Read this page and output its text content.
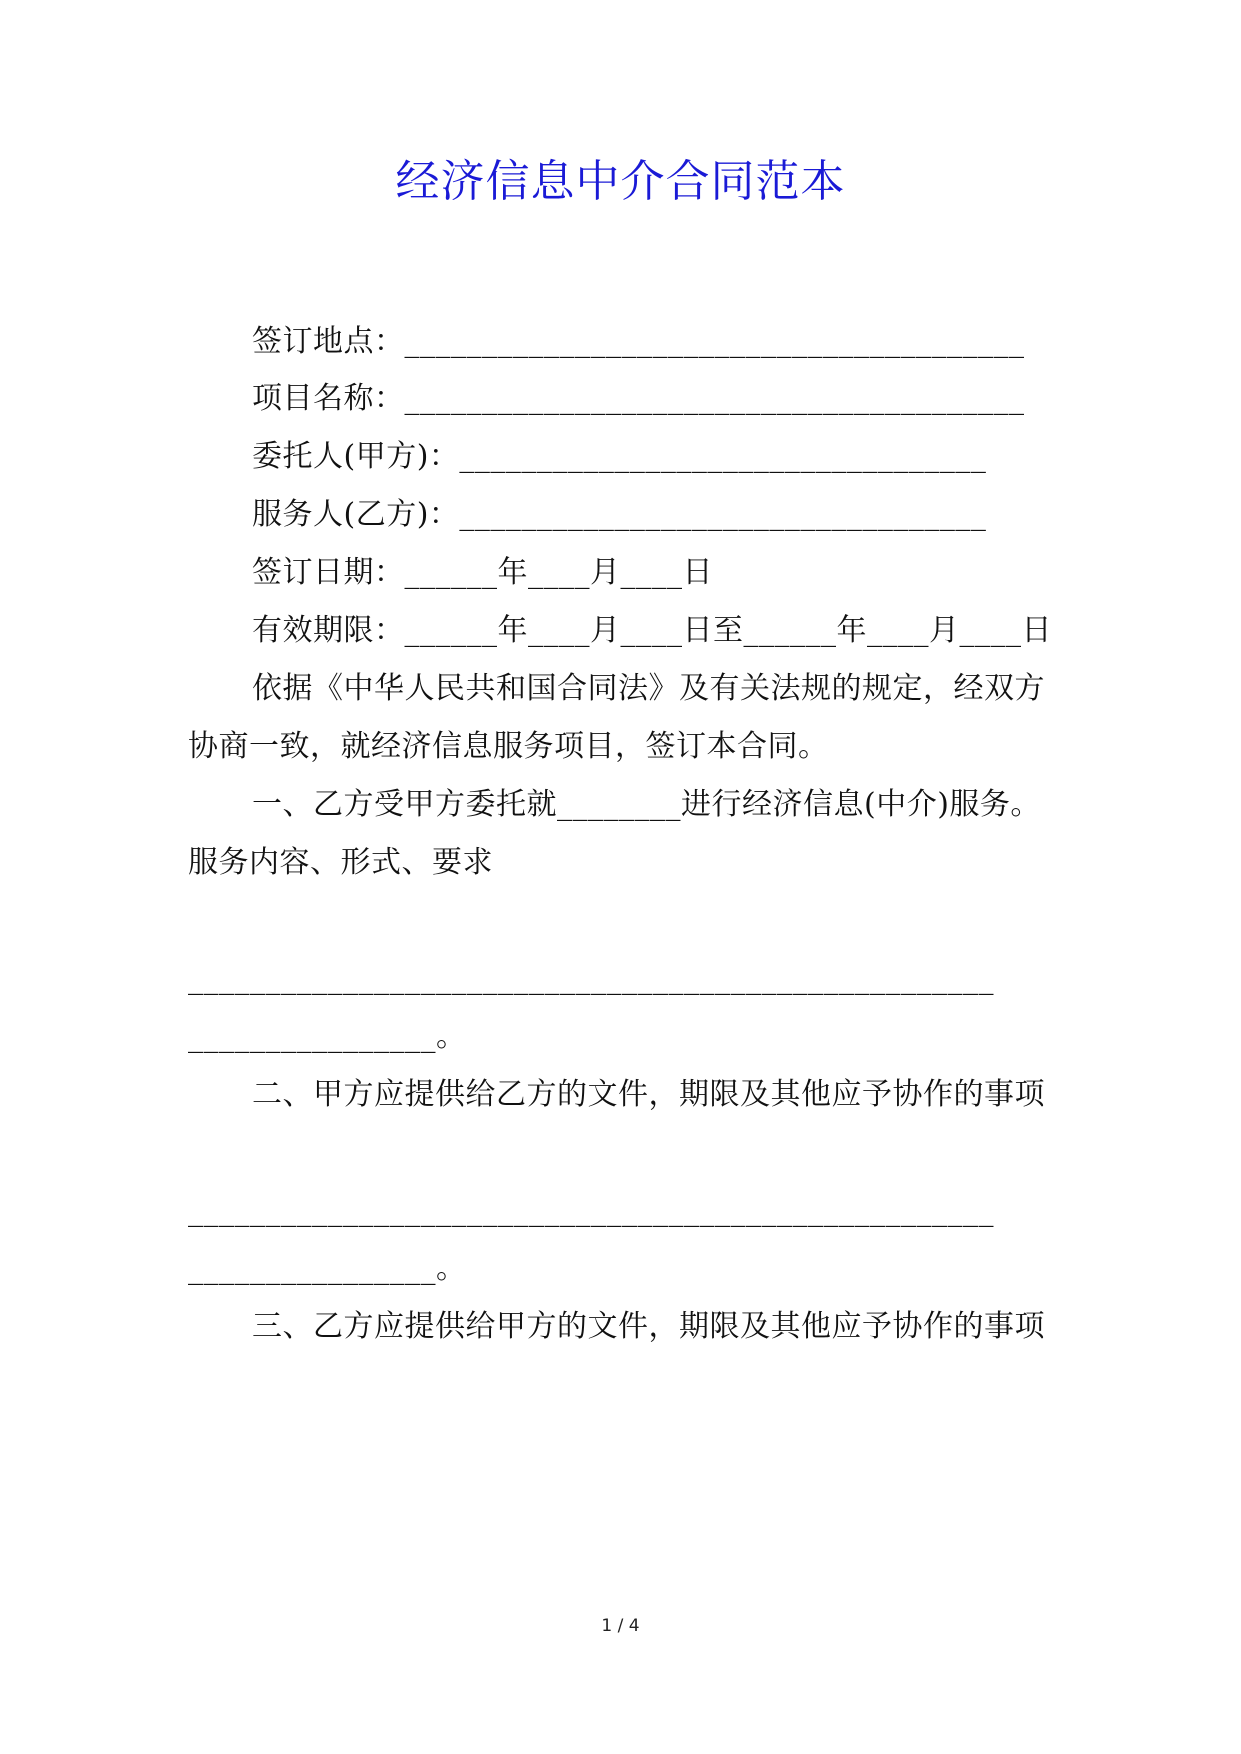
经济信息中介合同范本
签订地点：________________________________________
项目名称：________________________________________
委托人(甲方)：__________________________________
服务人(乙方)：__________________________________
签订日期：______年____月____日
有效期限：______年____月____日至______年____月____日
依据《中华人民共和国合同法》及有关法规的规定，经双方
协商一致，就经济信息服务项目，签订本合同。
一、乙方受甲方委托就________进行经济信息(中介)服务。
服务内容、形式、要求
____________________________________________________
________________。
二、甲方应提供给乙方的文件，期限及其他应予协作的事项
____________________________________________________
________________。
三、乙方应提供给甲方的文件，期限及其他应予协作的事项
1 / 4
